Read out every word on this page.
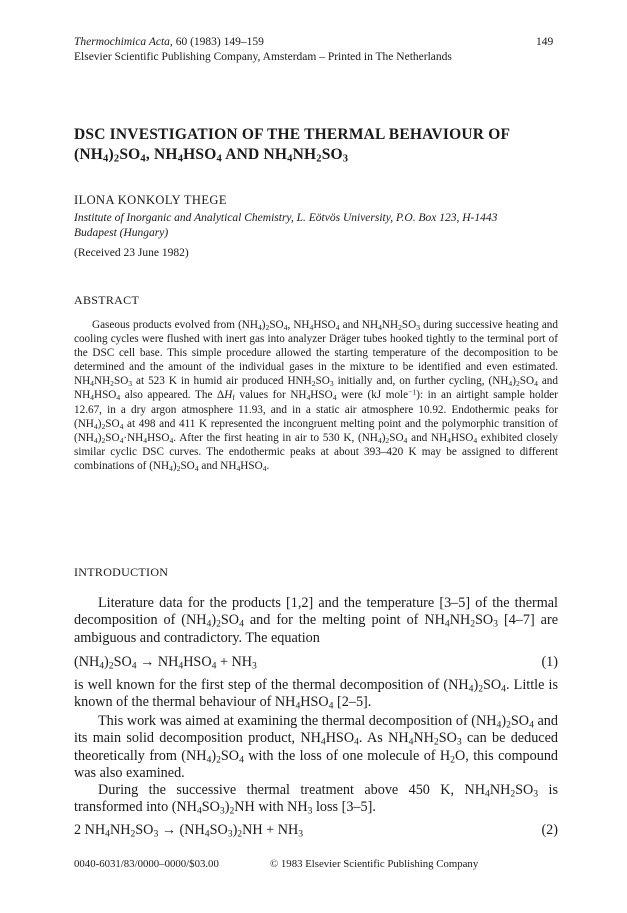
Thermochimica Acta, 60 (1983) 149–159	149
Elsevier Scientific Publishing Company, Amsterdam – Printed in The Netherlands
DSC INVESTIGATION OF THE THERMAL BEHAVIOUR OF
$(NH_4)_2SO_4$, $NH_4HSO_4$ AND $NH_4NH_2SO_3$
ILONA KONKOLY THEGE
Institute of Inorganic and Analytical Chemistry, L. Eötvös University, P.O. Box 123, H-1443
Budapest (Hungary)
(Received 23 June 1982)
ABSTRACT

Gaseous products evolved from $(NH_4)_2SO_4$, $NH_4HSO_4$ and $NH_4NH_2SO_3$ during successive heating and cooling cycles were flushed with inert gas into analyzer Dräger tubes hooked tightly to the terminal port of the DSC cell base. This simple procedure allowed the starting temperature of the decomposition to be determined and the amount of the individual gases in the mixture to be identified and even estimated. $NH_4NH_2SO_3$ at 523 K in humid air produced $HNH_2SO_3$ initially and, on further cycling, $(NH_4)_2SO_4$ and $NH_4HSO_4$ also appeared. The $\Delta H_f$ values for $NH_4HSO_4$ were (kJ mole$^{-1}$): in an airtight sample holder 12.67, in a dry argon atmosphere 11.93, and in a static air atmosphere 10.92. Endothermic peaks for $(NH_4)_2SO_4$ at 498 and 411 K represented the incongruent melting point and the polymorphic transition of $(NH_4)_2SO_4\cdot NH_4HSO_4$. After the first heating in air to 530 K, $(NH_4)_2SO_4$ and $NH_4HSO_4$ exhibited closely similar cyclic DSC curves. The endothermic peaks at about 393–420 K may be assigned to different combinations of $(NH_4)_2SO_4$ and $NH_4HSO_4$.

INTRODUCTION

Literature data for the products [1,2] and the temperature [3–5] of the thermal decomposition of $(NH_4)_2SO_4$ and for the melting point of $NH_4NH_2SO_3$ [4–7] are ambiguous and contradictory. The equation

$(NH_4)_2SO_4 \to NH_4HSO_4 + NH_3$	(1)

is well known for the first step of the thermal decomposition of $(NH_4)_2SO_4$. Little is known of the thermal behaviour of $NH_4HSO_4$ [2–5].

This work was aimed at examining the thermal decomposition of $(NH_4)_2SO_4$ and its main solid decomposition product, $NH_4HSO_4$. As $NH_4NH_2SO_3$ can be deduced theoretically from $(NH_4)_2SO_4$ with the loss of one molecule of $H_2O$, this compound was also examined.

During the successive thermal treatment above 450 K, $NH_4NH_2SO_3$ is transformed into $(NH_4SO_3)_2NH$ with $NH_3$ loss [3–5].

2 $NH_4NH_2SO_3 \to (NH_4SO_3)_2NH + NH_3$	(2)
0040-6031/83/0000–0000/$03.00	© 1983 Elsevier Scientific Publishing Company
